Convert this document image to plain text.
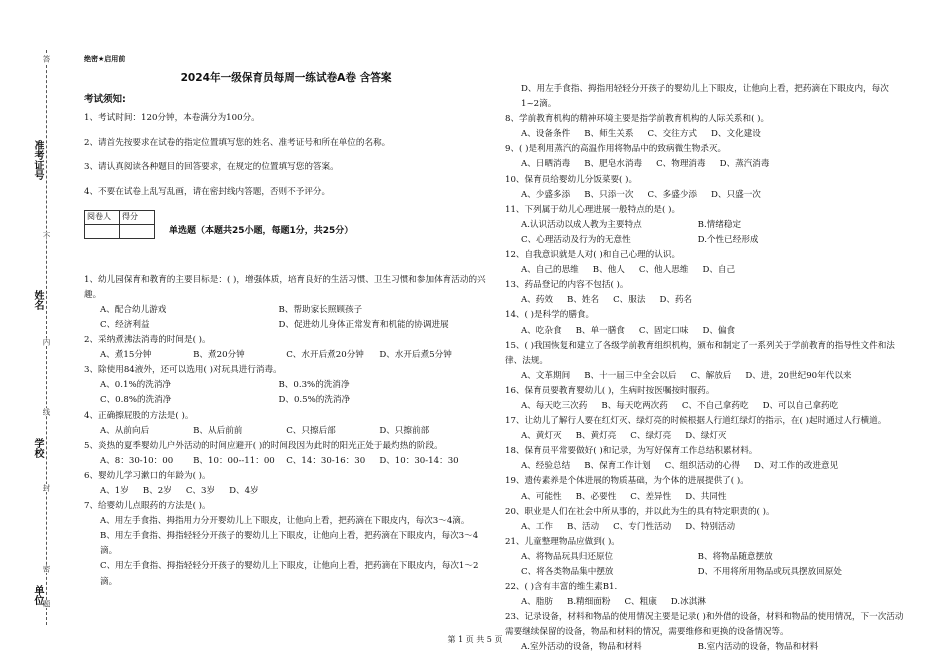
答
不
内
线
封
密
题
准考证号
姓名
学校
单位
绝密★启用前
2024年一级保育员每周一练试卷A卷 含答案
考试须知:
1、考试时间：120分钟，本卷满分为100分。
2、请首先按要求在试卷的指定位置填写您的姓名、准考证号和所在单位的名称。
3、请认真阅读各种题目的回答要求，在规定的位置填写您的答案。
4、不要在试卷上乱写乱画，请在密封线内答题，否则不予评分。
阅卷人	得分

单选题（本题共25小题，每题1分，共25分）
1、幼儿园保育和教育的主要目标是：( )，增强体质，培育良好的生活习惯、卫生习惯和参加体育活动的兴趣。
A、配合幼儿游戏	B、帮助家长照顾孩子
C、经济利益	D、促进幼儿身体正常发育和机能的协调进展
2、采纳煮沸法消毒的时间是( )。
A、煮15分钟	B、煮20分钟	C、水开后煮20分钟	D、水开后煮5分钟
3、除使用84液外，还可以选用( )对玩具进行消毒。
A、0.1%的洗消净	B、0.3%的洗消净
C、0.8%的洗消净	D、0.5%的洗消净
4、正确擦屁股的方法是( )。
A、从前向后	B、从后前前	C、只擦后部	D、只擦前部
5、炎热的夏季婴幼儿户外活动的时间应避开( )的时间段因为此时的阳光正处于最灼热的阶段。
A、8：30-10：00	B、10：00--11：00	C、14：30-16：30	D、10：30-14：30
6、婴幼儿学习漱口的年龄为( )。
A、1岁 B、2岁 C、3岁 D、4岁
7、给婴幼儿点眼药的方法是( )。
A、用左手食指、拇指用力分开婴幼儿上下眼皮，让他向上看，把药滴在下眼皮内，每次3～4滴。
B、用左手食指、拇指轻轻分开孩子的婴幼儿上下眼皮，让他向上看，把药滴在下眼皮内，每次3～4滴。
C、用左手食指、拇指轻轻分开孩子的婴幼儿上下眼皮，让他向上看，把药滴在下眼皮内，每次1～2滴。
D、用左手食指、拇指用轻轻分开孩子的婴幼儿上下眼皮，让他向上看，把药滴在下眼皮内，每次1~2滴。
8、学前教育机构的精神环境主要是指学前教育机构的人际关系和( )。
A、设备条件 B、师生关系 C、交往方式 D、文化建设
9、( )是利用蒸汽的高温作用将物品中的致病微生物杀灭。
A、日晒消毒 B、肥皂水消毒 C、物理消毒 D、蒸汽消毒
10、保育员给婴幼儿分饭菜要( )。
A、少盛多添 B、只添一次 C、多盛少添 D、只盛一次
11、下列属于幼儿心理进展一般特点的是( )。
A.认识活动以成人教为主要特点	B.情绪稳定
C、心理活动及行为的无意性	D.个性已经形成
12、自我意识就是人对( )和自己心理的认识。
A、自己的思维 B、他人 C、他人思维 D、自己
13、药品登记的内容不包括( )。
A、药效 B、姓名 C、服法 D、药名
14、( )是科学的膳食。
A、吃杂食 B、单一膳食 C、固定口味 D、偏食
15、( )我国恢复和建立了各级学前教育组织机构，颁布和制定了一系列关于学前教育的指导性文件和法律、法规。
A、文革期间 B、十一届三中全会以后 C、解放后 D、进，20世纪90年代以来
16、保育员要教育婴幼儿( )，生病时按医嘱按时服药。
A、每天吃三次药 B、每天吃两次药 C、不自己拿药吃 D、可以自己拿药吃
17、让幼儿了解行人要在红灯灭、绿灯亮的时候根据人行道红绿灯的指示，在( )起时通过人行横道。
A、黄灯灭 B、黄灯亮 C、绿灯亮 D、绿灯灭
18、保育员平常要做好( )和记录，为写好保育工作总结积累材料。
A、经验总结 B、保育工作计划 C、组织活动的心得 D、对工作的改进意见
19、遗传素养是个体进展的物质基础，为个体的进展提供了( )。
A、可能性 B、必要性 C、差异性 D、共同性
20、职业是人们在社会中所从事的，并以此为生的具有特定职责的( )。
A、工作 B、活动 C、专门性活动 D、特别活动
21、儿童整理物品应做到( )。
A、将物品玩具归还原位	B、将物品随意摆放
C、将各类物品集中摆放	D、不用将所用物品或玩具摆放回原处
22、( )含有丰富的维生素B1.
A、脂肪 B.精细面粉 C、粗康 D.冰淇淋
23、记录设备，材料和物品的使用情况主要是记录( )和外借的设备，材料和物品的使用情况，下一次活动需要继续保留的设备，物品和材料的情况，需要维修和更换的设备情况等。
A.室外活动的设备，物品和材料	B.室内活动的设备，物品和材料
第 1 页 共 5 页
